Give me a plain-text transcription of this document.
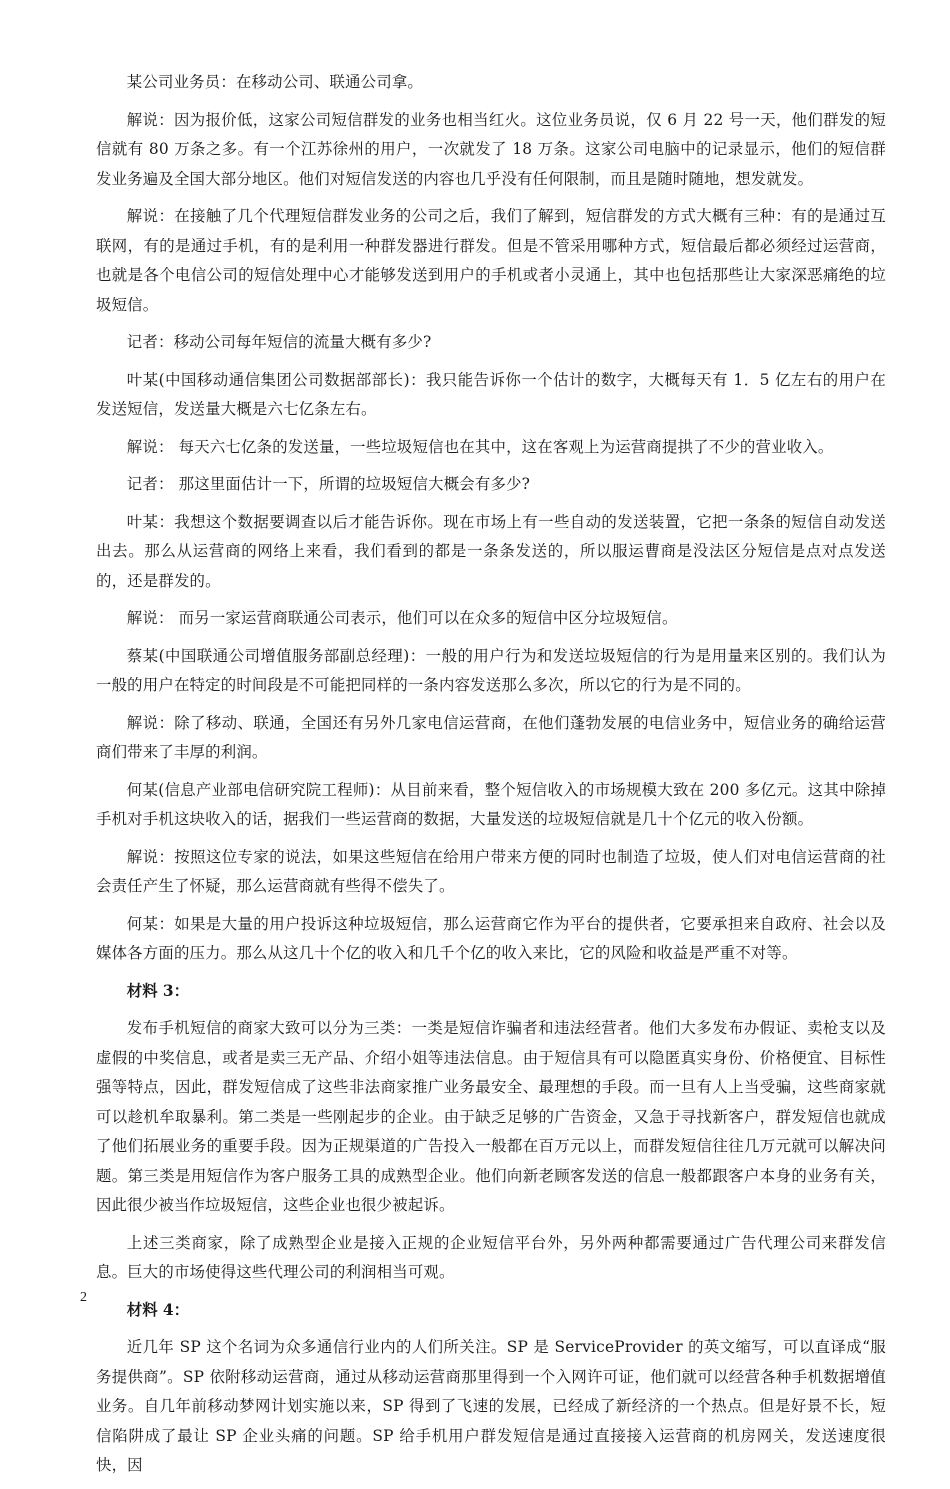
某公司业务员：在移动公司、联通公司拿。

解说：因为报价低，这家公司短信群发的业务也相当红火。这位业务员说，仅 6 月 22 号一天，他们群发的短信就有 80 万条之多。有一个江苏徐州的用户，一次就发了 18 万条。这家公司电脑中的记录显示，他们的短信群发业务遍及全国大部分地区。他们对短信发送的内容也几乎没有任何限制，而且是随时随地，想发就发。

解说：在接触了几个代理短信群发业务的公司之后，我们了解到，短信群发的方式大概有三种：有的是通过互联网，有的是通过手机，有的是利用一种群发器进行群发。但是不管采用哪种方式，短信最后都必须经过运营商，也就是各个电信公司的短信处理中心才能够发送到用户的手机或者小灵通上，其中也包括那些让大家深恶痛绝的垃圾短信。

记者：移动公司每年短信的流量大概有多少?

叶某(中国移动通信集团公司数据部部长)：我只能告诉你一个估计的数字，大概每天有 1．5 亿左右的用户在发送短信，发送量大概是六七亿条左右。

解说： 每天六七亿条的发送量，一些垃圾短信也在其中，这在客观上为运营商提拱了不少的营业收入。

记者： 那这里面估计一下，所谓的垃圾短信大概会有多少?

叶某：我想这个数据要调查以后才能告诉你。现在市场上有一些自动的发送装置，它把一条条的短信自动发送出去。那么从运营商的网络上来看，我们看到的都是一条条发送的，所以服运曹商是没法区分短信是点对点发送的，还是群发的。

解说： 而另一家运营商联通公司表示，他们可以在众多的短信中区分垃圾短信。

蔡某(中国联通公司增值服务部副总经理)：一般的用户行为和发送垃圾短信的行为是用量来区别的。我们认为一般的用户在特定的时间段是不可能把同样的一条内容发送那么多次，所以它的行为是不同的。

解说：除了移动、联通，全国还有另外几家电信运营商，在他们蓬勃发展的电信业务中，短信业务的确给运营商们带来了丰厚的利润。

何某(信息产业部电信研究院工程师)：从目前来看，整个短信收入的市场规模大致在 200 多亿元。这其中除掉手机对手机这块收入的话，据我们一些运营商的数据，大量发送的垃圾短信就是几十个亿元的收入份额。

解说：按照这位专家的说法，如果这些短信在给用户带来方便的同时也制造了垃圾，使人们对电信运营商的社会责任产生了怀疑，那么运营商就有些得不偿失了。

何某：如果是大量的用户投诉这种垃圾短信，那么运营商它作为平台的提供者，它要承担来自政府、社会以及媒体各方面的压力。那么从这几十个亿的收入和几千个亿的收入来比，它的风险和收益是严重不对等。

材料 3：

发布手机短信的商家大致可以分为三类：一类是短信诈骗者和违法经营者。他们大多发布办假证、卖枪支以及虚假的中奖信息，或者是卖三无产品、介绍小姐等违法信息。由于短信具有可以隐匿真实身份、价格便宜、目标性强等特点，因此，群发短信成了这些非法商家推广业务最安全、最理想的手段。而一旦有人上当受骗，这些商家就可以趁机牟取暴利。第二类是一些刚起步的企业。由于缺乏足够的广告资金，又急于寻找新客户，群发短信也就成了他们拓展业务的重要手段。因为正规渠道的广告投入一般都在百万元以上，而群发短信往往几万元就可以解决问题。第三类是用短信作为客户服务工具的成熟型企业。他们向新老顾客发送的信息一般都跟客户本身的业务有关，因此很少被当作垃圾短信，这些企业也很少被起诉。

上述三类商家，除了成熟型企业是接入正规的企业短信平台外，另外两种都需要通过广告代理公司来群发信息。巨大的市场使得这些代理公司的利润相当可观。

材料 4：

近几年 SP 这个名词为众多通信行业内的人们所关注。SP 是 ServiceProvider 的英文缩写，可以直译成“服务提供商”。SP 依附移动运营商，通过从移动运营商那里得到一个入网许可证，他们就可以经营各种手机数据增值业务。自几年前移动梦网计划实施以来，SP 得到了飞速的发展，已经成了新经济的一个热点。但是好景不长，短信陷阱成了最让 SP 企业头痛的问题。SP 给手机用户群发短信是通过直接接入运营商的机房网关，发送速度很快，因

2
